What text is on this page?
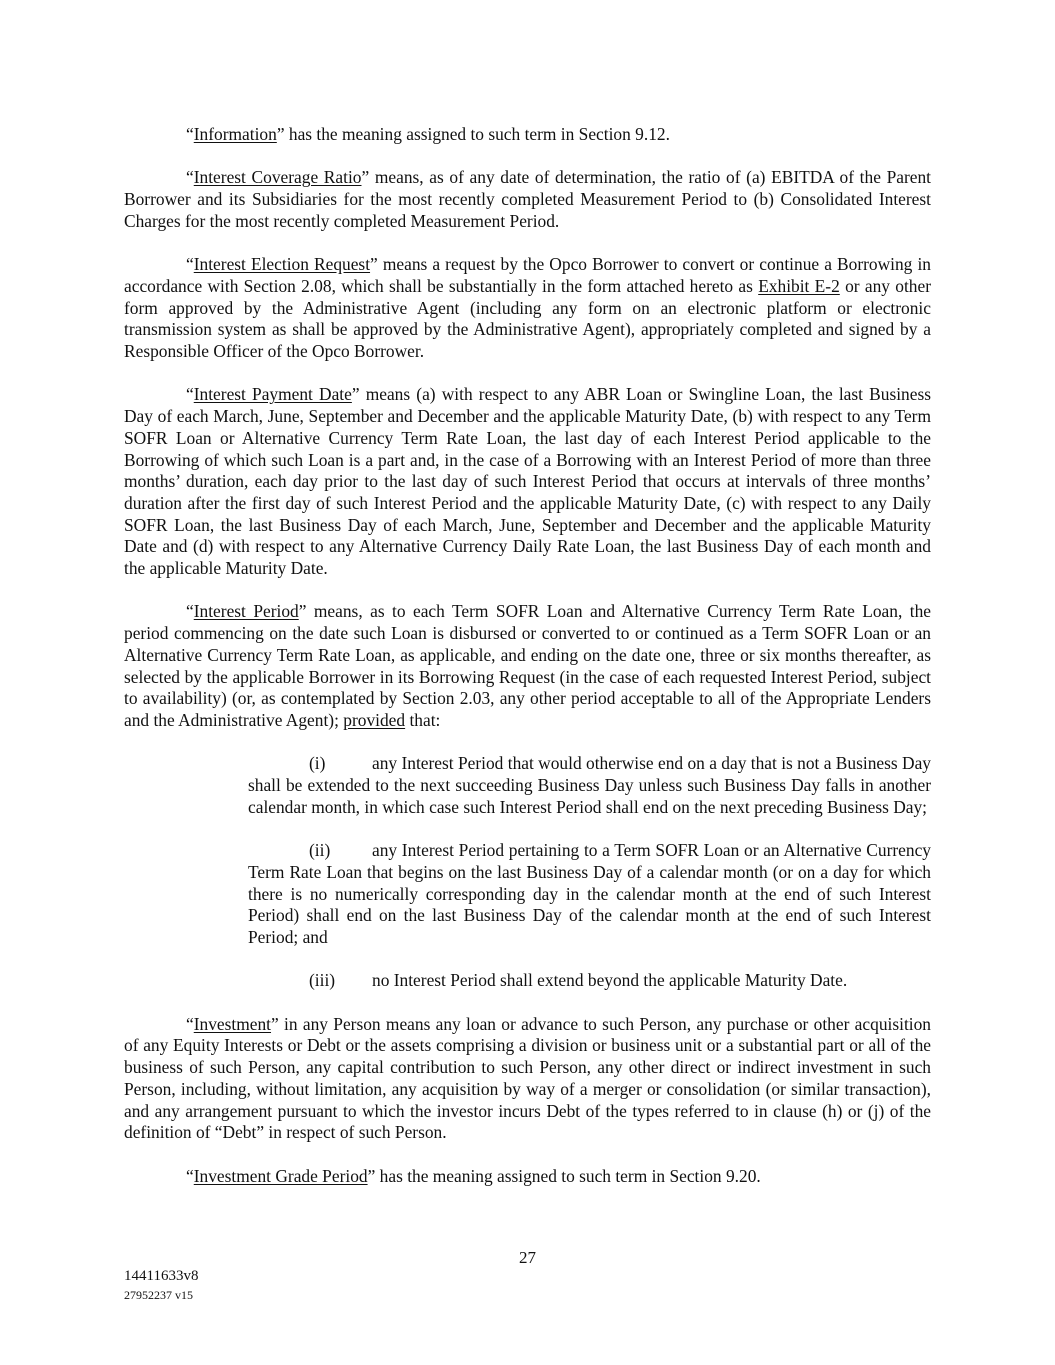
“Information” has the meaning assigned to such term in Section 9.12.

“Interest Coverage Ratio” means, as of any date of determination, the ratio of (a) EBITDA of the Parent Borrower and its Subsidiaries for the most recently completed Measurement Period to (b) Consolidated Interest Charges for the most recently completed Measurement Period.

“Interest Election Request” means a request by the Opco Borrower to convert or continue a Borrowing in accordance with Section 2.08, which shall be substantially in the form attached hereto as Exhibit E-2 or any other form approved by the Administrative Agent (including any form on an electronic platform or electronic transmission system as shall be approved by the Administrative Agent), appropriately completed and signed by a Responsible Officer of the Opco Borrower.

“Interest Payment Date” means (a) with respect to any ABR Loan or Swingline Loan, the last Business Day of each March, June, September and December and the applicable Maturity Date, (b) with respect to any Term SOFR Loan or Alternative Currency Term Rate Loan, the last day of each Interest Period applicable to the Borrowing of which such Loan is a part and, in the case of a Borrowing with an Interest Period of more than three months’ duration, each day prior to the last day of such Interest Period that occurs at intervals of three months’ duration after the first day of such Interest Period and the applicable Maturity Date, (c) with respect to any Daily SOFR Loan, the last Business Day of each March, June, September and December and the applicable Maturity Date and (d) with respect to any Alternative Currency Daily Rate Loan, the last Business Day of each month and the applicable Maturity Date.

“Interest Period” means, as to each Term SOFR Loan and Alternative Currency Term Rate Loan, the period commencing on the date such Loan is disbursed or converted to or continued as a Term SOFR Loan or an Alternative Currency Term Rate Loan, as applicable, and ending on the date one, three or six months thereafter, as selected by the applicable Borrower in its Borrowing Request (in the case of each requested Interest Period, subject to availability) (or, as contemplated by Section 2.03, any other period acceptable to all of the Appropriate Lenders and the Administrative Agent); provided that:

(i)	any Interest Period that would otherwise end on a day that is not a Business Day shall be extended to the next succeeding Business Day unless such Business Day falls in another calendar month, in which case such Interest Period shall end on the next preceding Business Day;

(ii) any Interest Period pertaining to a Term SOFR Loan or an Alternative Currency Term Rate Loan that begins on the last Business Day of a calendar month (or on a day for which there is no numerically corresponding day in the calendar month at the end of such Interest Period) shall end on the last Business Day of the calendar month at the end of such Interest Period; and

(iii) no Interest Period shall extend beyond the applicable Maturity Date.

“Investment” in any Person means any loan or advance to such Person, any purchase or other acquisition of any Equity Interests or Debt or the assets comprising a division or business unit or a substantial part or all of the business of such Person, any capital contribution to such Person, any other direct or indirect investment in such Person, including, without limitation, any acquisition by way of a merger or consolidation (or similar transaction), and any arrangement pursuant to which the investor incurs Debt of the types referred to in clause (h) or (j) of the definition of “Debt” in respect of such Person.

“Investment Grade Period” has the meaning assigned to such term in Section 9.20.

27
14411633v8
27952237 v15
